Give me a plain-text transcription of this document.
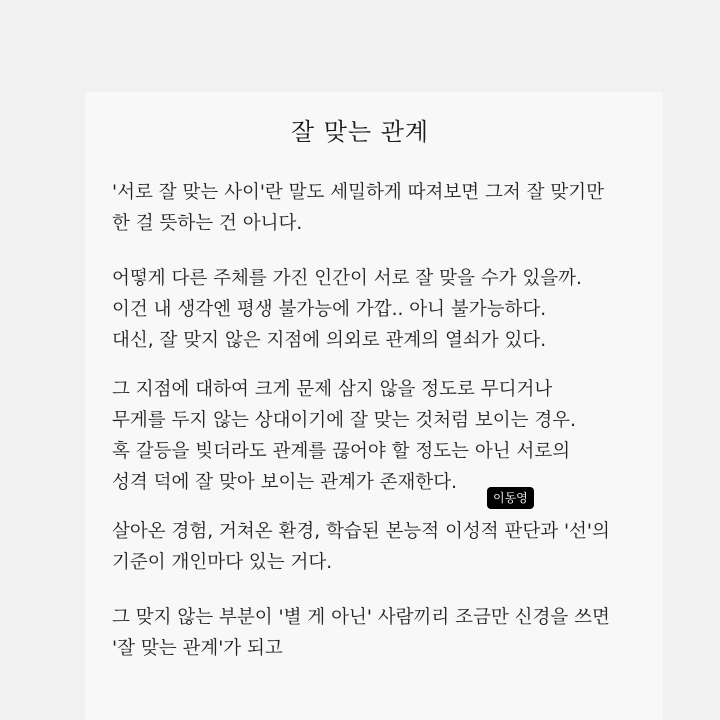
잘 맞는 관계

'서로 잘 맞는 사이'란 말도 세밀하게 따져보면 그저 잘 맞기만
한 걸 뜻하는 건 아니다.

어떻게 다른 주체를 가진 인간이 서로 잘 맞을 수가 있을까.
이건 내 생각엔 평생 불가능에 가깝.. 아니 불가능하다.
대신, 잘 맞지 않은 지점에 의외로 관계의 열쇠가 있다.

그 지점에 대하여 크게 문제 삼지 않을 정도로 무디거나
무게를 두지 않는 상대이기에 잘 맞는 것처럼 보이는 경우.
혹 갈등을 빚더라도 관계를 끊어야 할 정도는 아닌 서로의
성격 덕에 잘 맞아 보이는 관계가 존재한다.

이동영

살아온 경험, 거쳐온 환경, 학습된 본능적 이성적 판단과 '선'의
기준이 개인마다 있는 거다.

그 맞지 않는 부분이 '별 게 아닌' 사람끼리 조금만 신경을 쓰면
'잘 맞는 관계'가 되고
